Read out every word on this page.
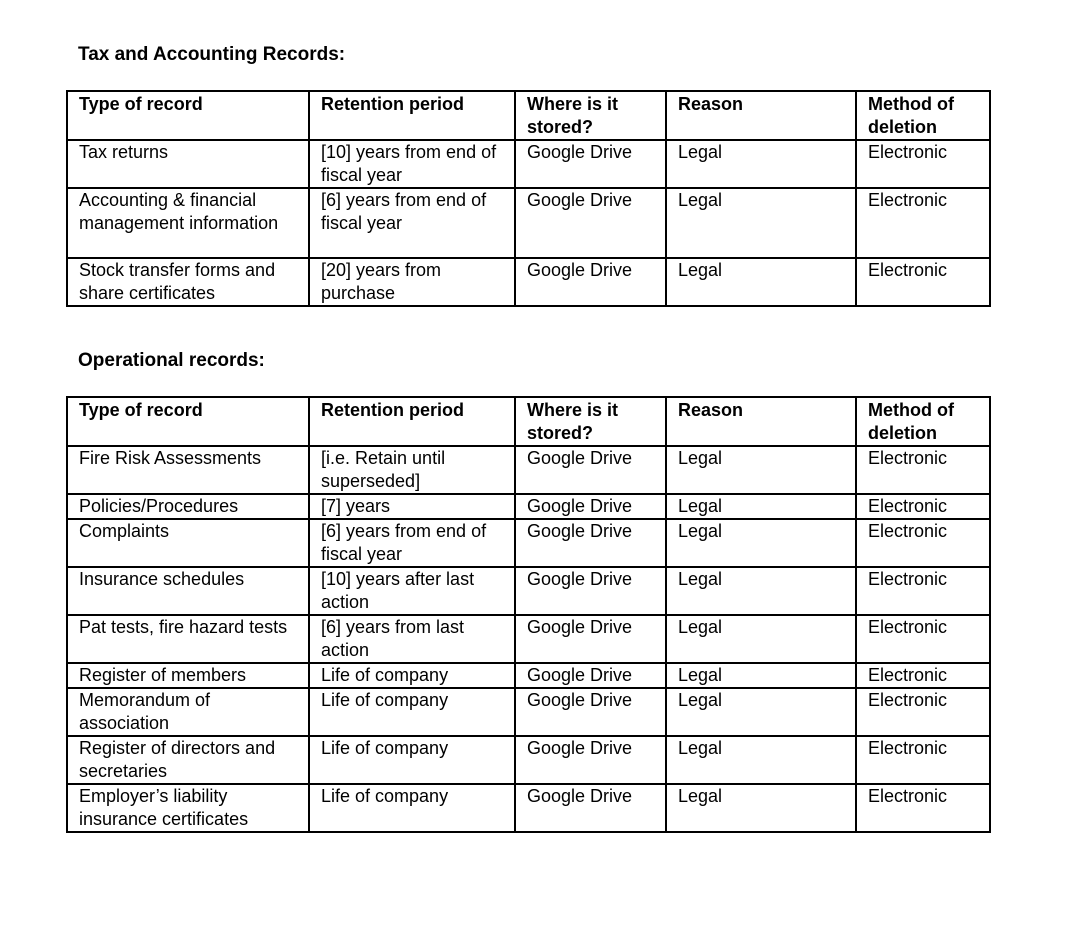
Tax and Accounting Records:
Type of record	Retention period	Where is it stored?	Reason	Method of deletion
Tax returns	[10] years from end of fiscal year	Google Drive	Legal	Electronic
Accounting & financial management information	[6] years from end of fiscal year	Google Drive	Legal	Electronic
Stock transfer forms and share certificates	[20] years from purchase	Google Drive	Legal	Electronic
Operational records:
Type of record	Retention period	Where is it stored?	Reason	Method of deletion
Fire Risk Assessments	[i.e. Retain until superseded]	Google Drive	Legal	Electronic
Policies/Procedures	[7] years	Google Drive	Legal	Electronic
Complaints	[6] years from end of fiscal year	Google Drive	Legal	Electronic
Insurance schedules	[10] years after last action	Google Drive	Legal	Electronic
Pat tests, fire hazard tests	[6] years from last action	Google Drive	Legal	Electronic
Register of members	Life of company	Google Drive	Legal	Electronic
Memorandum of association	Life of company	Google Drive	Legal	Electronic
Register of directors and secretaries	Life of company	Google Drive	Legal	Electronic
Employer’s liability insurance certificates	Life of company	Google Drive	Legal	Electronic
